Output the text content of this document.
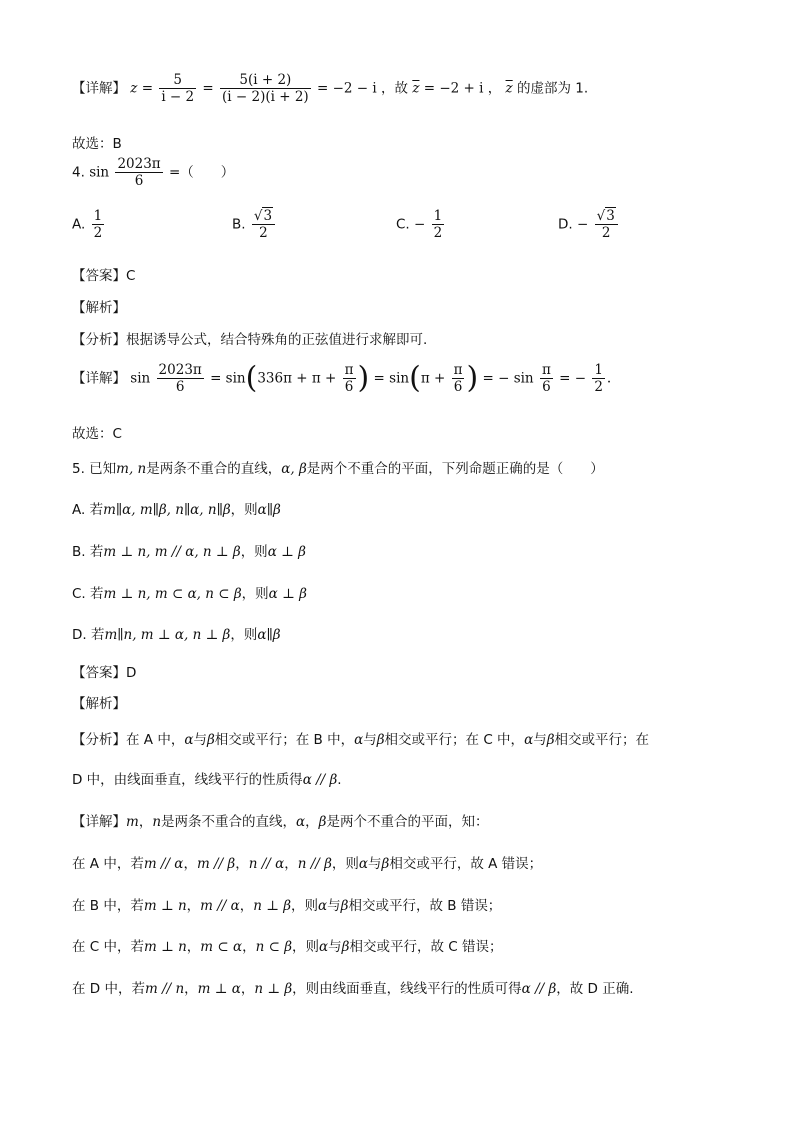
【详解】 $z = \frac{5}{i - 2} = \frac{5(i + 2)}{(i - 2)(i + 2)} = -2 - i$ ，故 $\overline{z} = -2 + i$ ， $\overline{z}$ 的虚部为 1.
故选：B
4. $\sin \frac{2023\pi}{6}$ =（　　）
A. $\frac{1}{2}$	B. $\frac{√3}{2}$	C. − $\frac{1}{2}$	D. − $\frac{√3}{2}$
【答案】C
【解析】
【分析】根据诱导公式，结合特殊角的正弦值进行求解即可.
【详解】 $\sin \frac{2023\pi}{6} = \sin(336\pi + \pi + \frac{\pi}{6}$ ) = $\sin(\pi + \frac{\pi}{6}$ ) = − $\sin \frac{\pi}{6}$ = − $\frac{1}{2}$ .
故选：C
5. 已知m, n是两条不重合的直线，α, β是两个不重合的平面，下列命题正确的是（　　）
A. 若m∥α, m∥β, n∥α, n∥β，则α∥β
B. 若m ⊥ n, m // α, n ⊥ β，则α ⊥ β
C. 若m ⊥ n, m ⊂ α, n ⊂ β，则α ⊥ β
D. 若m∥n, m ⊥ α, n ⊥ β，则α∥β
【答案】D
【解析】
【分析】在 A 中，α与β相交或平行；在 B 中，α与β相交或平行；在 C 中，α与β相交或平行；在
D 中，由线面垂直，线线平行的性质得α // β.
【详解】m，n是两条不重合的直线，α，β是两个不重合的平面，知：
在 A 中，若m // α，m // β，n // α，n // β，则α与β相交或平行，故 A 错误；
在 B 中，若m ⊥ n，m // α，n ⊥ β，则α与β相交或平行，故 B 错误；
在 C 中，若m ⊥ n，m ⊂ α，n ⊂ β，则α与β相交或平行，故 C 错误；
在 D 中，若m // n，m ⊥ α，n ⊥ β，则由线面垂直，线线平行的性质可得α // β，故 D 正确.
